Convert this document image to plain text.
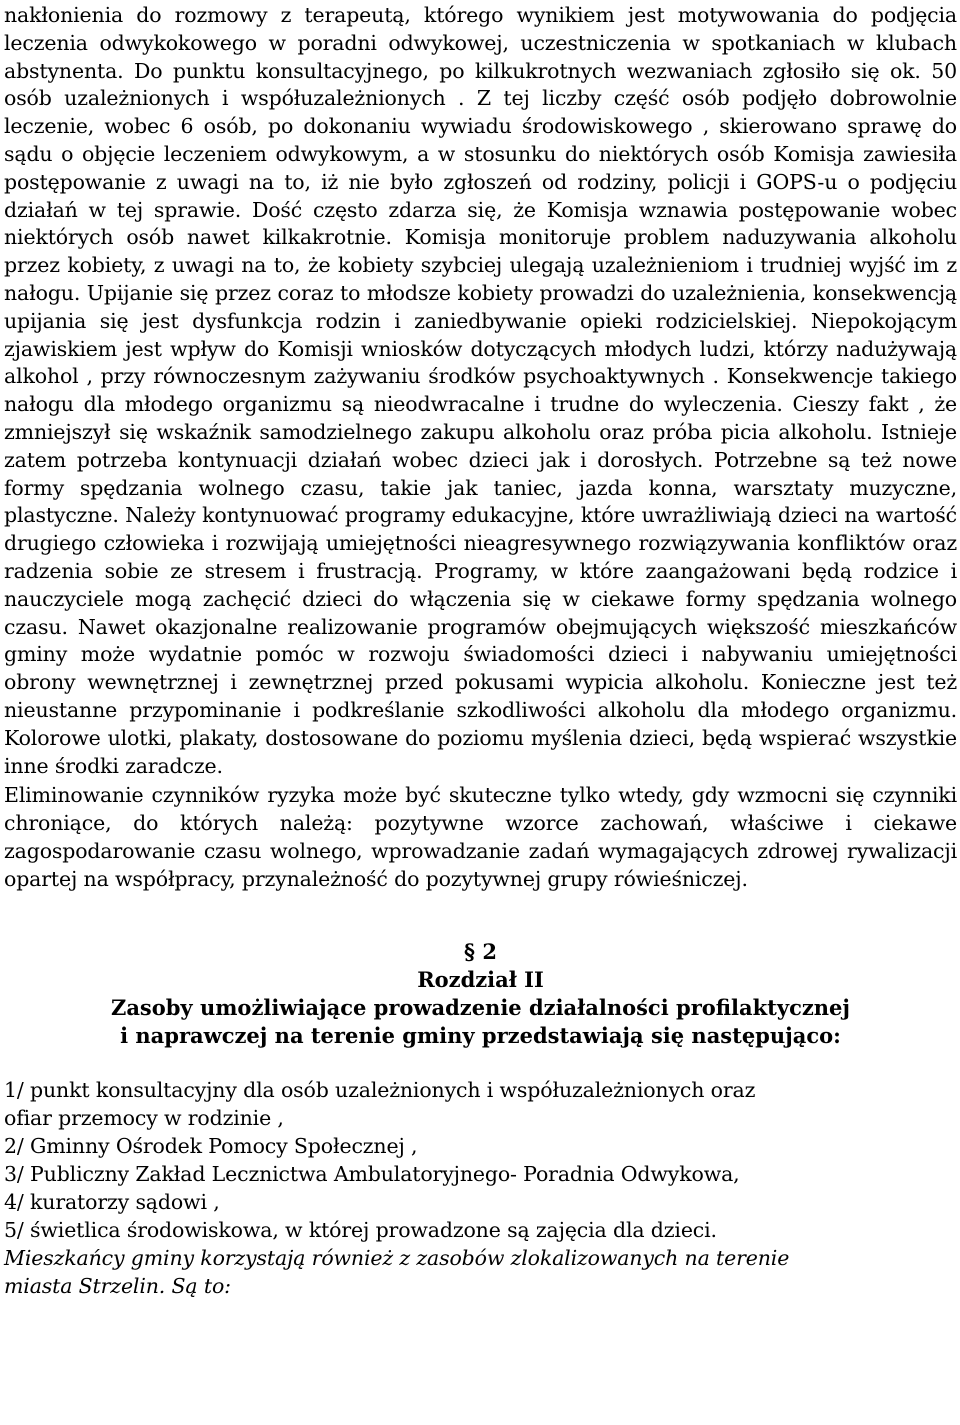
nakłonienia do rozmowy z terapeutą, którego wynikiem jest motywowania do podjęcia leczenia odwykokowego w poradni odwykowej, uczestniczenia w spotkaniach w klubach abstynenta. Do punktu konsultacyjnego, po kilkukrotnych wezwaniach zgłosiło się ok. 50 osób uzależnionych i współuzależnionych . Z tej liczby część osób podjęło dobrowolnie leczenie, wobec 6 osób, po dokonaniu wywiadu środowiskowego , skierowano sprawę do sądu o objęcie leczeniem odwykowym, a w stosunku do niektórych osób Komisja zawiesiła postępowanie z uwagi na to, iż nie było zgłoszeń od rodziny, policji i GOPS-u o podjęciu działań w tej sprawie. Dość często zdarza się, że Komisja wznawia postępowanie wobec niektórych osób nawet kilkakrotnie. Komisja monitoruje problem naduzywania alkoholu przez kobiety, z uwagi na to, że kobiety szybciej ulegają uzależnieniom i trudniej wyjść im z nałogu. Upijanie się przez coraz to młodsze kobiety prowadzi do uzależnienia, konsekwencją upijania się jest dysfunkcja rodzin i zaniedbywanie opieki rodzicielskiej. Niepokojącym zjawiskiem jest wpływ do Komisji wniosków dotyczących młodych ludzi, którzy nadużywają alkohol , przy równoczesnym zażywaniu środków psychoaktywnych . Konsekwencje takiego nałogu dla młodego organizmu są nieodwracalne i trudne do wyleczenia. Cieszy fakt , że zmniejszył się wskaźnik samodzielnego zakupu alkoholu oraz próba picia alkoholu. Istnieje zatem potrzeba kontynuacji działań wobec dzieci jak i dorosłych. Potrzebne są też nowe formy spędzania wolnego czasu, takie jak taniec, jazda konna, warsztaty muzyczne, plastyczne. Należy kontynuować programy edukacyjne, które uwrażliwiają dzieci na wartość drugiego człowieka i rozwijają umiejętności nieagresywnego rozwiązywania konfliktów oraz radzenia sobie ze stresem i frustracją. Programy, w które zaangażowani będą rodzice i nauczyciele mogą zachęcić dzieci do włączenia się w ciekawe formy spędzania wolnego czasu. Nawet okazjonalne realizowanie programów obejmujących większość mieszkańców gminy może wydatnie pomóc w rozwoju świadomości dzieci i nabywaniu umiejętności obrony wewnętrznej i zewnętrznej przed pokusami wypicia alkoholu. Konieczne jest też nieustanne przypominanie i podkreślanie szkodliwości alkoholu dla młodego organizmu. Kolorowe ulotki, plakaty, dostosowane do poziomu myślenia dzieci, będą wspierać wszystkie inne środki zaradcze.

Eliminowanie czynników ryzyka może być skuteczne tylko wtedy, gdy wzmocni się czynniki chroniące, do których należą: pozytywne wzorce zachowań, właściwe i ciekawe zagospodarowanie czasu wolnego, wprowadzanie zadań wymagających zdrowej rywalizacji opartej na współpracy, przynależność do pozytywnej grupy rówieśniczej.

§ 2

Rozdział II

Zasoby umożliwiające prowadzenie działalności profilaktycznej

i naprawczej na terenie gminy przedstawiają się następująco:

1/ punkt konsultacyjny dla osób uzależnionych i współuzależnionych oraz
ofiar przemocy w rodzinie ,
2/ Gminny Ośrodek Pomocy Społecznej ,
3/ Publiczny Zakład Lecznictwa Ambulatoryjnego- Poradnia Odwykowa,
4/ kuratorzy sądowi ,
5/ świetlica środowiskowa, w której prowadzone są zajęcia dla dzieci.

Mieszkańcy gminy korzystają również z zasobów zlokalizowanych na terenie

miasta Strzelin. Są to:
